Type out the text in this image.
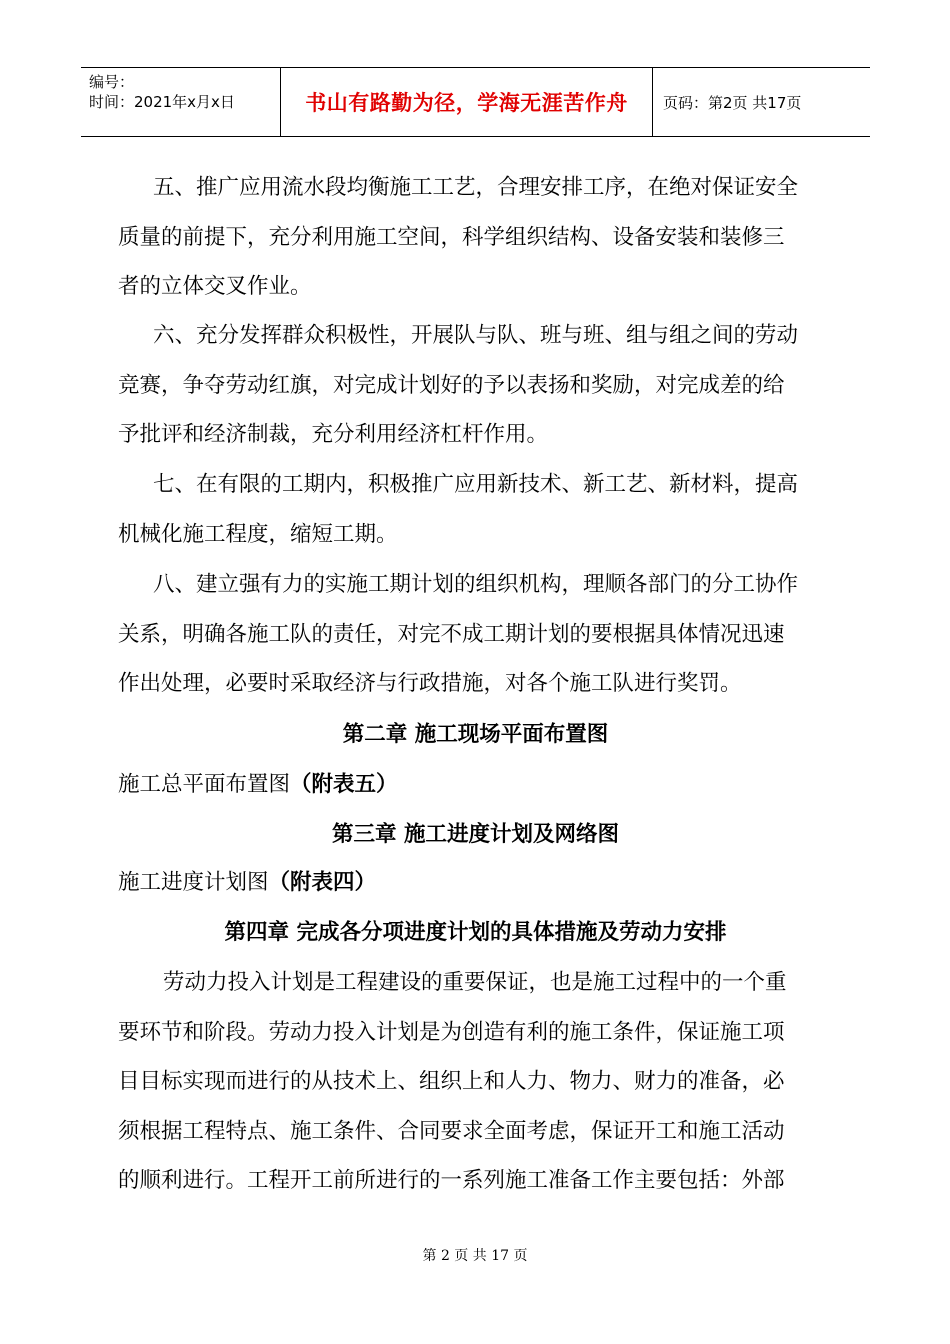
编号：
时间：2021年x月x日	书山有路勤为径，学海无涯苦作舟 页码：第2页 共17页
五、推广应用流水段均衡施工工艺，合理安排工序，在绝对保证安全
质量的前提下，充分利用施工空间，科学组织结构、设备安装和装修三
者的立体交叉作业。
六、充分发挥群众积极性，开展队与队、班与班、组与组之间的劳动
竞赛，争夺劳动红旗，对完成计划好的予以表扬和奖励，对完成差的给
予批评和经济制裁，充分利用经济杠杆作用。
七、在有限的工期内，积极推广应用新技术、新工艺、新材料，提高
机械化施工程度，缩短工期。
八、建立强有力的实施工期计划的组织机构，理顺各部门的分工协作
关系，明确各施工队的责任，对完不成工期计划的要根据具体情况迅速
作出处理，必要时采取经济与行政措施，对各个施工队进行奖罚。
第二章 施工现场平面布置图
施工总平面布置图（附表五）
第三章 施工进度计划及网络图
施工进度计划图（附表四）
第四章 完成各分项进度计划的具体措施及劳动力安排
劳动力投入计划是工程建设的重要保证，也是施工过程中的一个重
要环节和阶段。劳动力投入计划是为创造有利的施工条件，保证施工项
目目标实现而进行的从技术上、组织上和人力、物力、财力的准备，必
须根据工程特点、施工条件、合同要求全面考虑，保证开工和施工活动
的顺利进行。工程开工前所进行的一系列施工准备工作主要包括：外部
第 2 页 共 17 页
